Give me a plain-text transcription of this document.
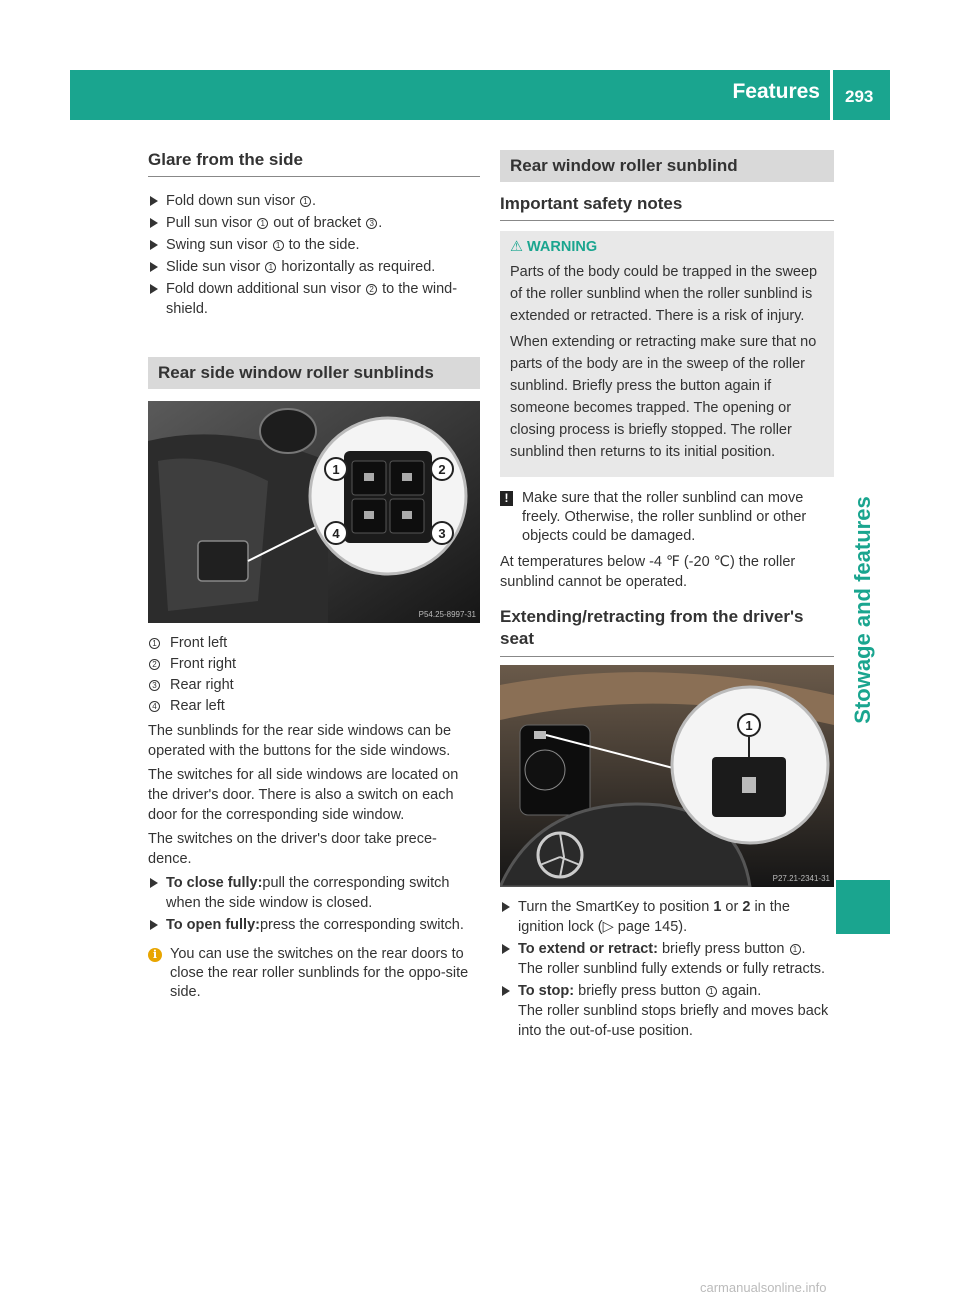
Features 293
Stowage and features
Glare from the side
Fold down sun visor 1 .
Pull sun visor 1 out of bracket 3 .
Swing sun visor 1 to the side.
Slide sun visor 1 horizontally as required.
Fold down additional sun visor 2 to the wind-shield.
Rear side window roller sunblinds
1	2
3
4
P54.25-8997-31
1 Front left
2 Front right
3 Rear right
4 Rear left

The sunblinds for the rear side windows can be operated with the buttons for the side windows.

The switches for all side windows are located on the driver's door. There is also a switch on each door for the corresponding side window.

The switches on the driver's door take prece-dence.

To close fully:pull the corresponding switch when the side window is closed.
To open fully:press the corresponding switch.
i You can use the switches on the rear doors to close the rear roller sunblinds for the oppo-site side.
Rear window roller sunblind
Important safety notes
⚠ WARNING

Parts of the body could be trapped in the sweep of the roller sunblind when the roller sunblind is extended or retracted. There is a risk of injury.

When extending or retracting make sure that no parts of the body are in the sweep of the roller sunblind. Briefly press the button again if someone becomes trapped. The opening or closing process is briefly stopped. The roller sunblind then returns to its initial position.

! Make sure that the roller sunblind can move freely. Otherwise, the roller sunblind or other objects could be damaged.

At temperatures below -4 ℉ (-20 ℃) the roller sunblind cannot be operated.

Extending/retracting from the driver's seat
1
P27.21-2341-31
Turn the SmartKey to position 1 or 2 in the ignition lock (▷ page 145).
To extend or retract: briefly press button 1 .
The roller sunblind fully extends or fully retracts.
To stop: briefly press button 1 again.
The roller sunblind stops briefly and moves back into the out-of-use position.
carmanualsonline.info
